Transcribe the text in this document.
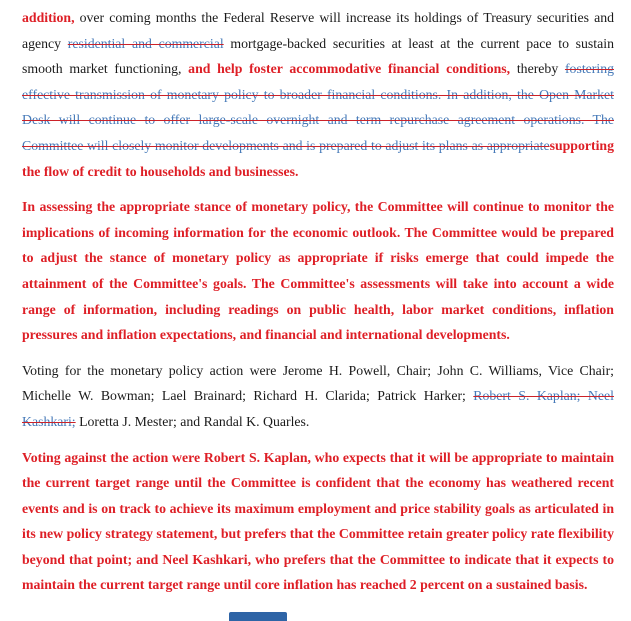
addition, over coming months the Federal Reserve will increase its holdings of Treasury securities and agency residential and commercial mortgage-backed securities at least at the current pace to sustain smooth market functioning, and help foster accommodative financial conditions, thereby fostering effective transmission of monetary policy to broader financial conditions. In addition, the Open Market Desk will continue to offer large-scale overnight and term repurchase agreement operations. The Committee will closely monitor developments and is prepared to adjust its plans as appropriatesupporting the flow of credit to households and businesses.

In assessing the appropriate stance of monetary policy, the Committee will continue to monitor the implications of incoming information for the economic outlook. The Committee would be prepared to adjust the stance of monetary policy as appropriate if risks emerge that could impede the attainment of the Committee's goals. The Committee's assessments will take into account a wide range of information, including readings on public health, labor market conditions, inflation pressures and inflation expectations, and financial and international developments.

Voting for the monetary policy action were Jerome H. Powell, Chair; John C. Williams, Vice Chair; Michelle W. Bowman; Lael Brainard; Richard H. Clarida; Patrick Harker; Robert S. Kaplan; Neel Kashkari; Loretta J. Mester; and Randal K. Quarles.

Voting against the action were Robert S. Kaplan, who expects that it will be appropriate to maintain the current target range until the Committee is confident that the economy has weathered recent events and is on track to achieve its maximum employment and price stability goals as articulated in its new policy strategy statement, but prefers that the Committee retain greater policy rate flexibility beyond that point; and Neel Kashkari, who prefers that the Committee to indicate that it expects to maintain the current target range until core inflation has reached 2 percent on a sustained basis.
